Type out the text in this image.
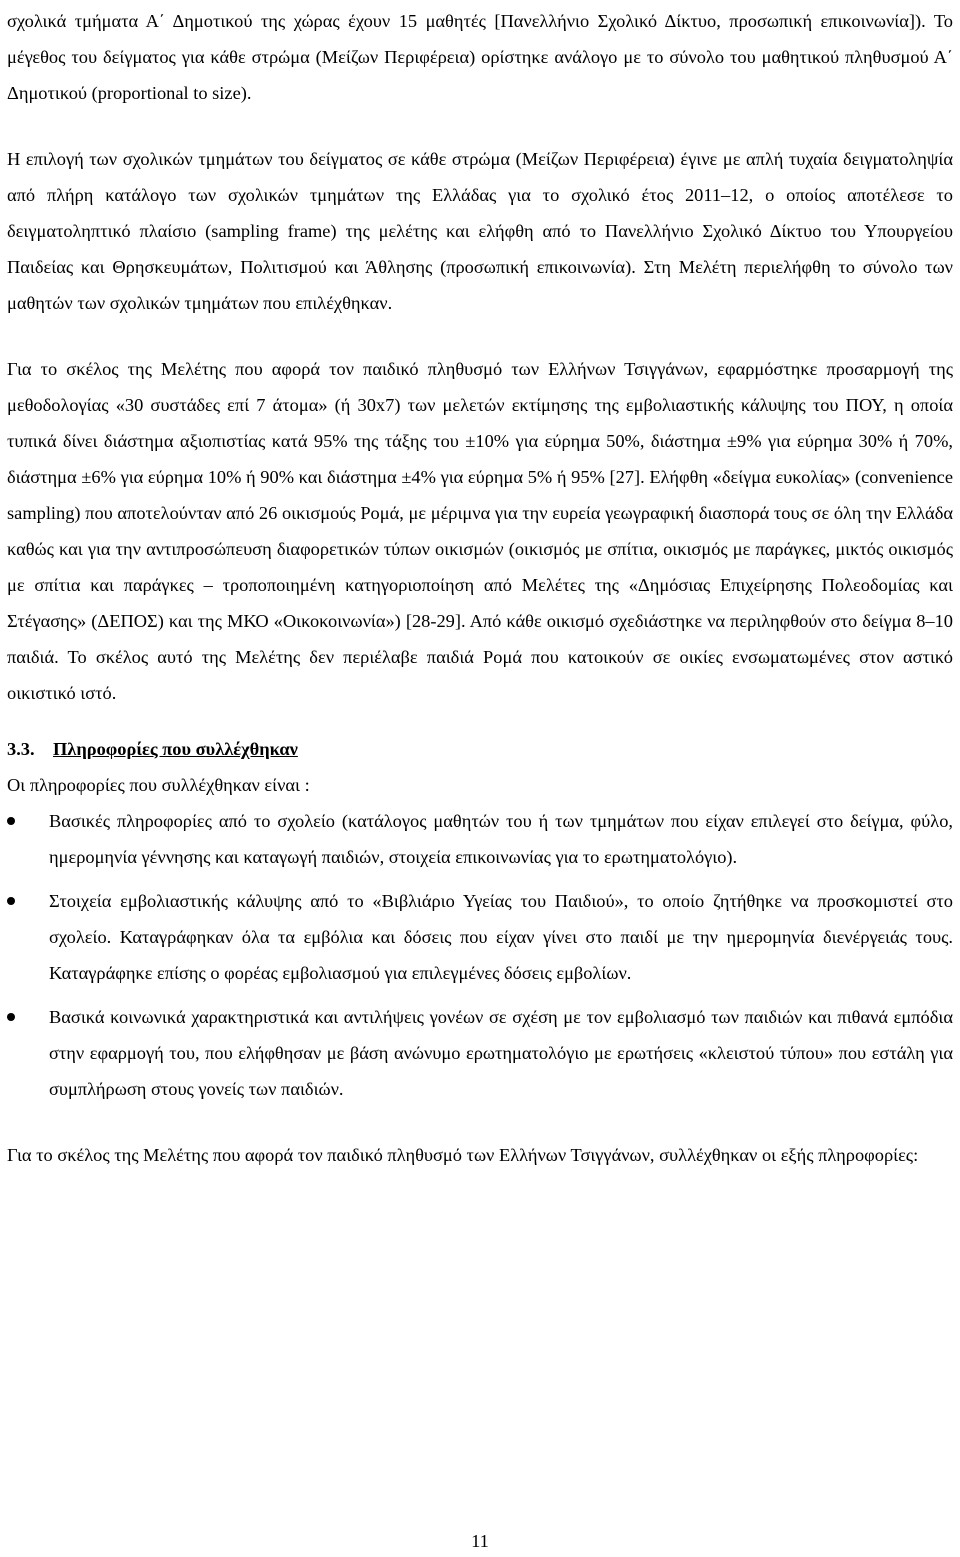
σχολικά τμήματα Α΄ Δημοτικού της χώρας έχουν 15 μαθητές [Πανελλήνιο Σχολικό Δίκτυο, προσωπική επικοινωνία]). Το μέγεθος του δείγματος για κάθε στρώμα (Μείζων Περιφέρεια) ορίστηκε ανάλογο με το σύνολο του μαθητικού πληθυσμού Α΄ Δημοτικού (proportional to size).

Η επιλογή των σχολικών τμημάτων του δείγματος σε κάθε στρώμα (Μείζων Περιφέρεια) έγινε με απλή τυχαία δειγματοληψία από πλήρη κατάλογο των σχολικών τμημάτων της Ελλάδας για το σχολικό έτος 2011‒12, ο οποίος αποτέλεσε το δειγματοληπτικό πλαίσιο (sampling frame) της μελέτης και ελήφθη από το Πανελλήνιο Σχολικό Δίκτυο του Υπουργείου Παιδείας και Θρησκευμάτων, Πολιτισμού και Άθλησης (προσωπική επικοινωνία). Στη Μελέτη περιελήφθη το σύνολο των μαθητών των σχολικών τμημάτων που επιλέχθηκαν.

Για το σκέλος της Μελέτης που αφορά τον παιδικό πληθυσμό των Ελλήνων Τσιγγάνων, εφαρμόστηκε προσαρμογή της μεθοδολογίας «30 συστάδες επί 7 άτομα» (ή 30x7) των μελετών εκτίμησης της εμβολιαστικής κάλυψης του ΠΟΥ, η οποία τυπικά δίνει διάστημα αξιοπιστίας κατά 95% της τάξης του ±10% για εύρημα 50%, διάστημα ±9% για εύρημα 30% ή 70%, διάστημα ±6% για εύρημα 10% ή 90% και διάστημα ±4% για εύρημα 5% ή 95% [27]. Ελήφθη «δείγμα ευκολίας» (convenience sampling) που αποτελούνταν από 26 οικισμούς Ρομά, με μέριμνα για την ευρεία γεωγραφική διασπορά τους σε όλη την Ελλάδα καθώς και για την αντιπροσώπευση διαφορετικών τύπων οικισμών (οικισμός με σπίτια, οικισμός με παράγκες, μικτός οικισμός με σπίτια και παράγκες ‒ τροποποιημένη κατηγοριοποίηση από Μελέτες της «Δημόσιας Επιχείρησης Πολεοδομίας και Στέγασης» (ΔΕΠΟΣ) και της ΜΚΟ «Οικοκοινωνία») [28-29]. Από κάθε οικισμό σχεδιάστηκε να περιληφθούν στο δείγμα 8‒10 παιδιά. Το σκέλος αυτό της Μελέτης δεν περιέλαβε παιδιά Ρομά που κατοικούν σε οικίες ενσωματωμένες στον αστικό οικιστικό ιστό.

3.3. Πληροφορίες που συλλέχθηκαν

Οι πληροφορίες που συλλέχθηκαν είναι :

Βασικές πληροφορίες από το σχολείο (κατάλογος μαθητών του ή των τμημάτων που είχαν επιλεγεί στο δείγμα, φύλο, ημερομηνία γέννησης και καταγωγή παιδιών, στοιχεία επικοινωνίας για το ερωτηματολόγιο).

Στοιχεία εμβολιαστικής κάλυψης από το «Βιβλιάριο Υγείας του Παιδιού», το οποίο ζητήθηκε να προσκομιστεί στο σχολείο. Καταγράφηκαν όλα τα εμβόλια και δόσεις που είχαν γίνει στο παιδί με την ημερομηνία διενέργειάς τους. Καταγράφηκε επίσης ο φορέας εμβολιασμού για επιλεγμένες δόσεις εμβολίων.

Βασικά κοινωνικά χαρακτηριστικά και αντιλήψεις γονέων σε σχέση με τον εμβολιασμό των παιδιών και πιθανά εμπόδια στην εφαρμογή του, που ελήφθησαν με βάση ανώνυμο ερωτηματολόγιο με ερωτήσεις «κλειστού τύπου» που εστάλη για συμπλήρωση στους γονείς των παιδιών.

Για το σκέλος της Μελέτης που αφορά τον παιδικό πληθυσμό των Ελλήνων Τσιγγάνων, συλλέχθηκαν οι εξής πληροφορίες:

11
